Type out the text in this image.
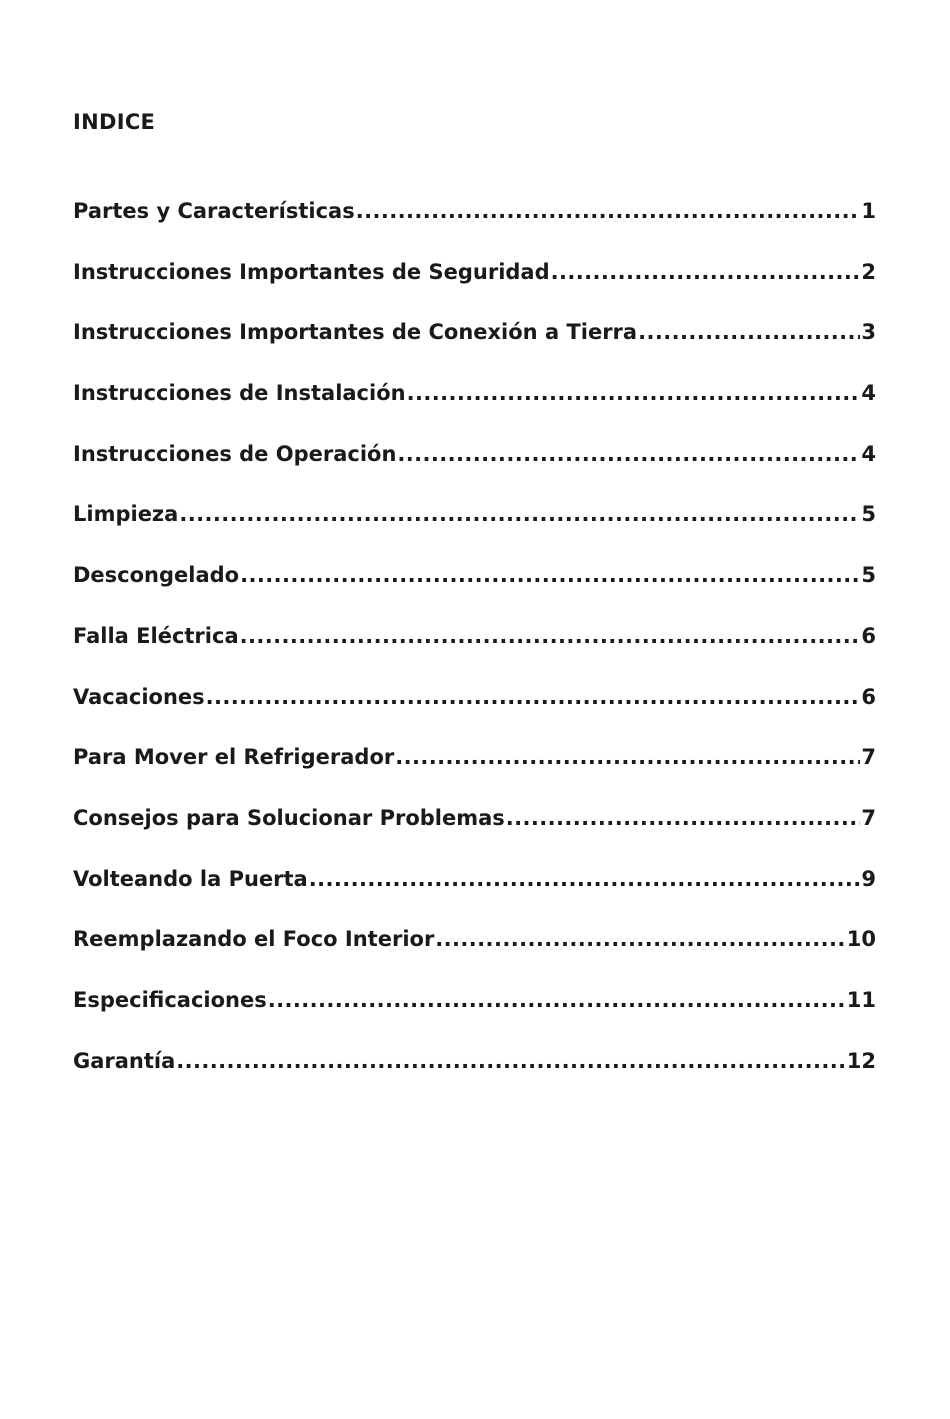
INDICE
Partes y Características .....	1
Instrucciones Importantes de Seguridad .....	2
Instrucciones Importantes de Conexión a Tierra .....	3
Instrucciones de Instalación .....	4
Instrucciones de Operación .....	4
Limpieza .....	5
Descongelado .....	5
Falla Eléctrica .....	6
Vacaciones .....	6
Para Mover el Refrigerador .....	7
Consejos para Solucionar Problemas .....	7
Volteando la Puerta .....	9
Reemplazando el Foco Interior .....	10
Especificaciones .....	11
Garantía .....	12
